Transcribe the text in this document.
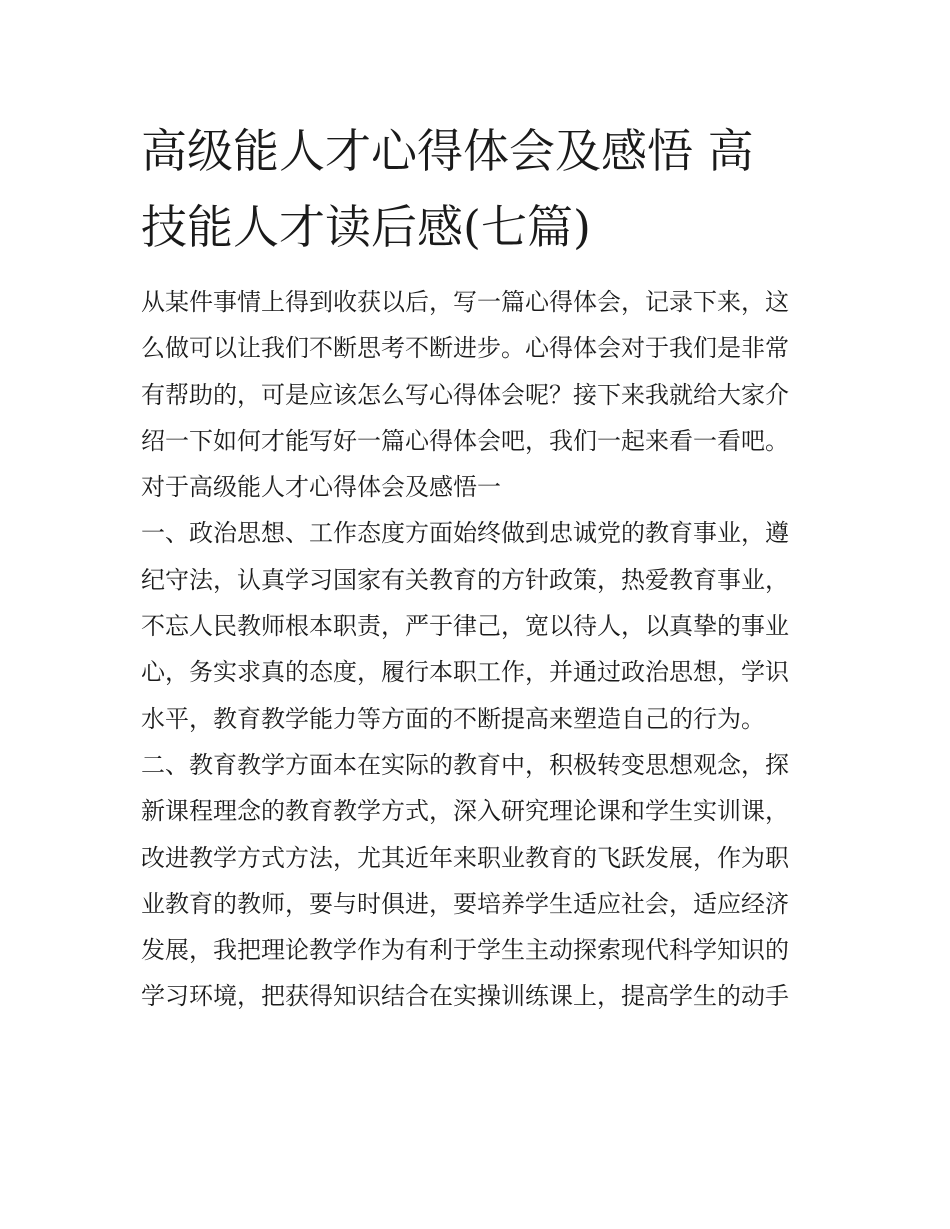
高级能人才心得体会及感悟 高
技能人才读后感(七篇)
从某件事情上得到收获以后，写一篇心得体会，记录下来，这
么做可以让我们不断思考不断进步。心得体会对于我们是非常
有帮助的，可是应该怎么写心得体会呢？接下来我就给大家介
绍一下如何才能写好一篇心得体会吧，我们一起来看一看吧。
对于高级能人才心得体会及感悟一
一、政治思想、工作态度方面始终做到忠诚党的教育事业，遵
纪守法，认真学习国家有关教育的方针政策，热爱教育事业，
不忘人民教师根本职责，严于律己，宽以待人，以真挚的事业
心，务实求真的态度，履行本职工作，并通过政治思想，学识
水平，教育教学能力等方面的不断提高来塑造自己的行为。
二、教育教学方面本在实际的教育中，积极转变思想观念，探
新课程理念的教育教学方式，深入研究理论课和学生实训课，
改进教学方式方法，尤其近年来职业教育的飞跃发展，作为职
业教育的教师，要与时俱进，要培养学生适应社会，适应经济
发展，我把理论教学作为有利于学生主动探索现代科学知识的
学习环境，把获得知识结合在实操训练课上，提高学生的动手
